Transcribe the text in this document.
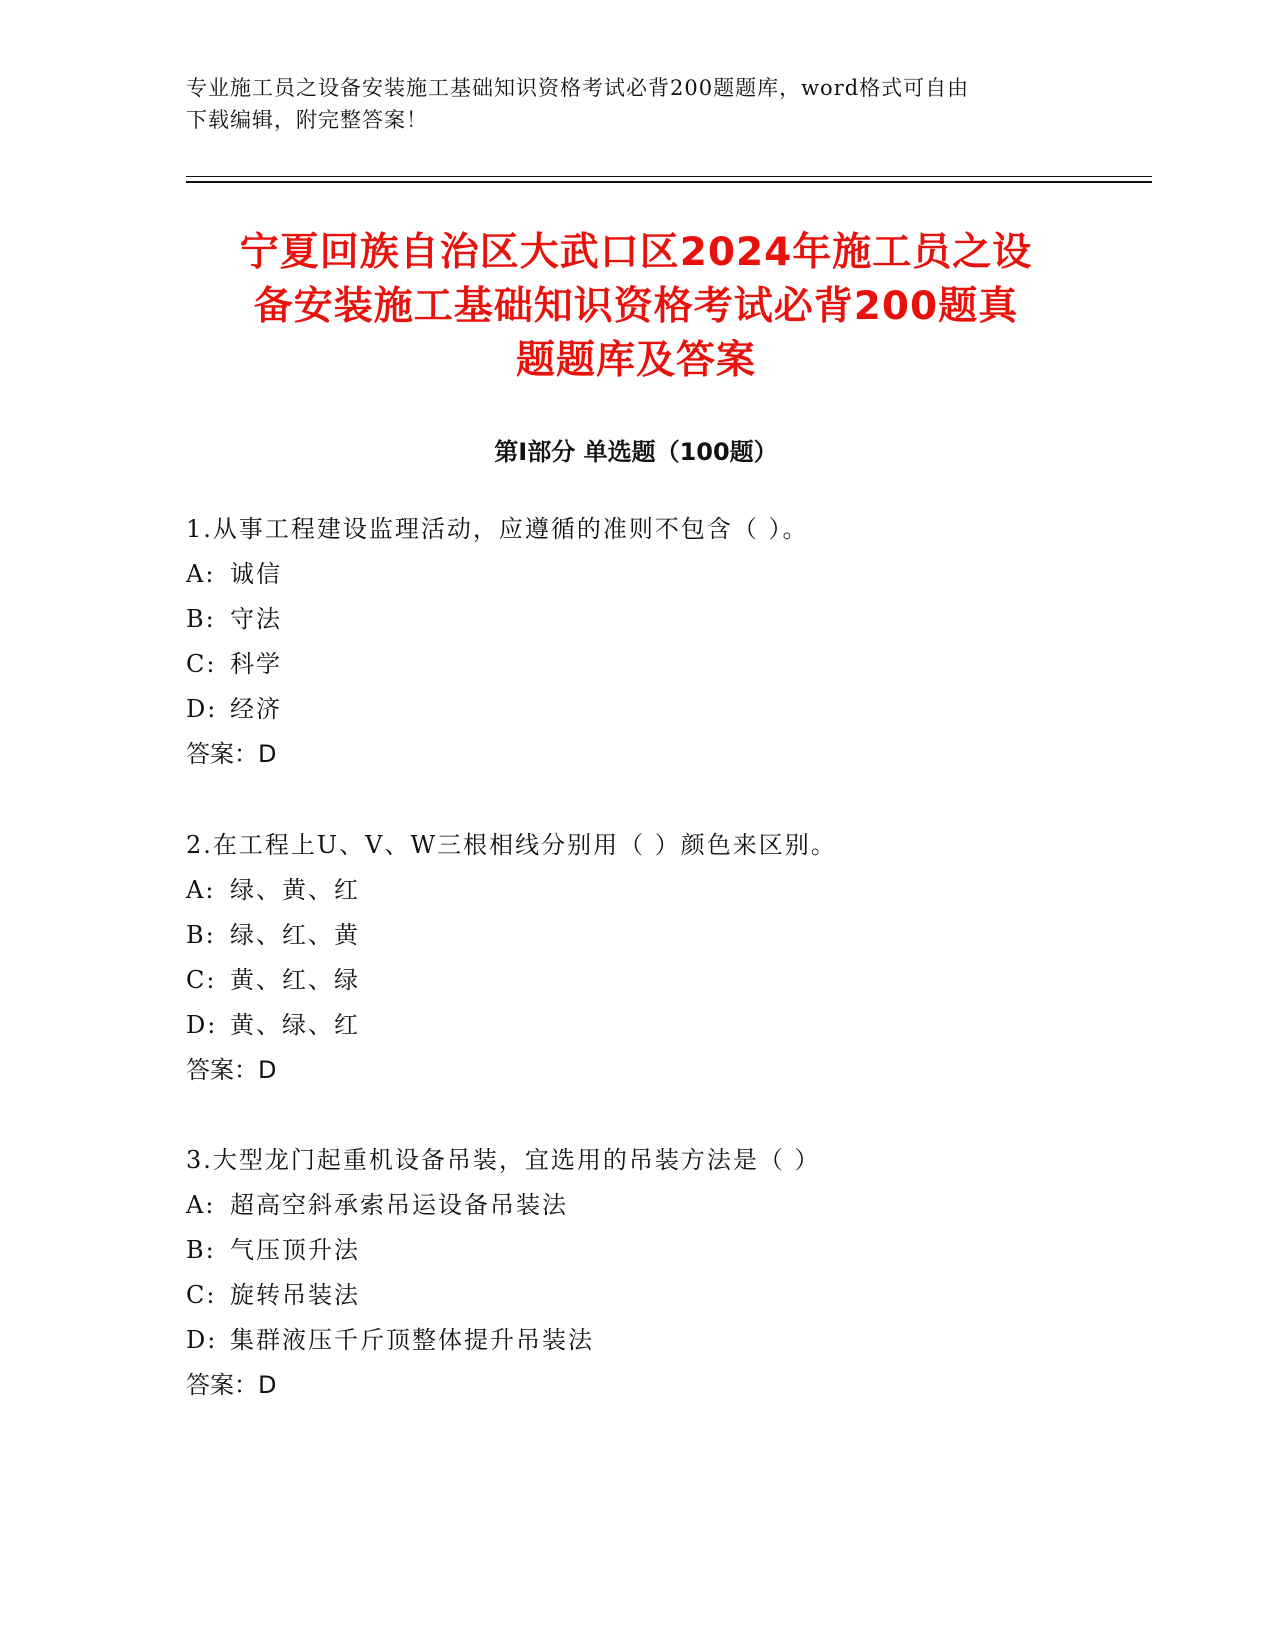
专业施工员之设备安装施工基础知识资格考试必背200题题库，word格式可自由
下载编辑，附完整答案！
宁夏回族自治区大武口区2024年施工员之设
备安装施工基础知识资格考试必背200题真
题题库及答案
第Ⅰ部分 单选题（100题）
1.从事工程建设监理活动，应遵循的准则不包含（ ）。
A: 诚信
B: 守法
C: 科学
D: 经济
答案：D
2.在工程上U、V、W三根相线分别用（ ）颜色来区别。
A: 绿、黄、红
B: 绿、红、黄
C: 黄、红、绿
D: 黄、绿、红
答案：D
3.大型龙门起重机设备吊装，宜选用的吊装方法是（ ）
A: 超高空斜承索吊运设备吊装法
B: 气压顶升法
C: 旋转吊装法
D: 集群液压千斤顶整体提升吊装法
答案：D
